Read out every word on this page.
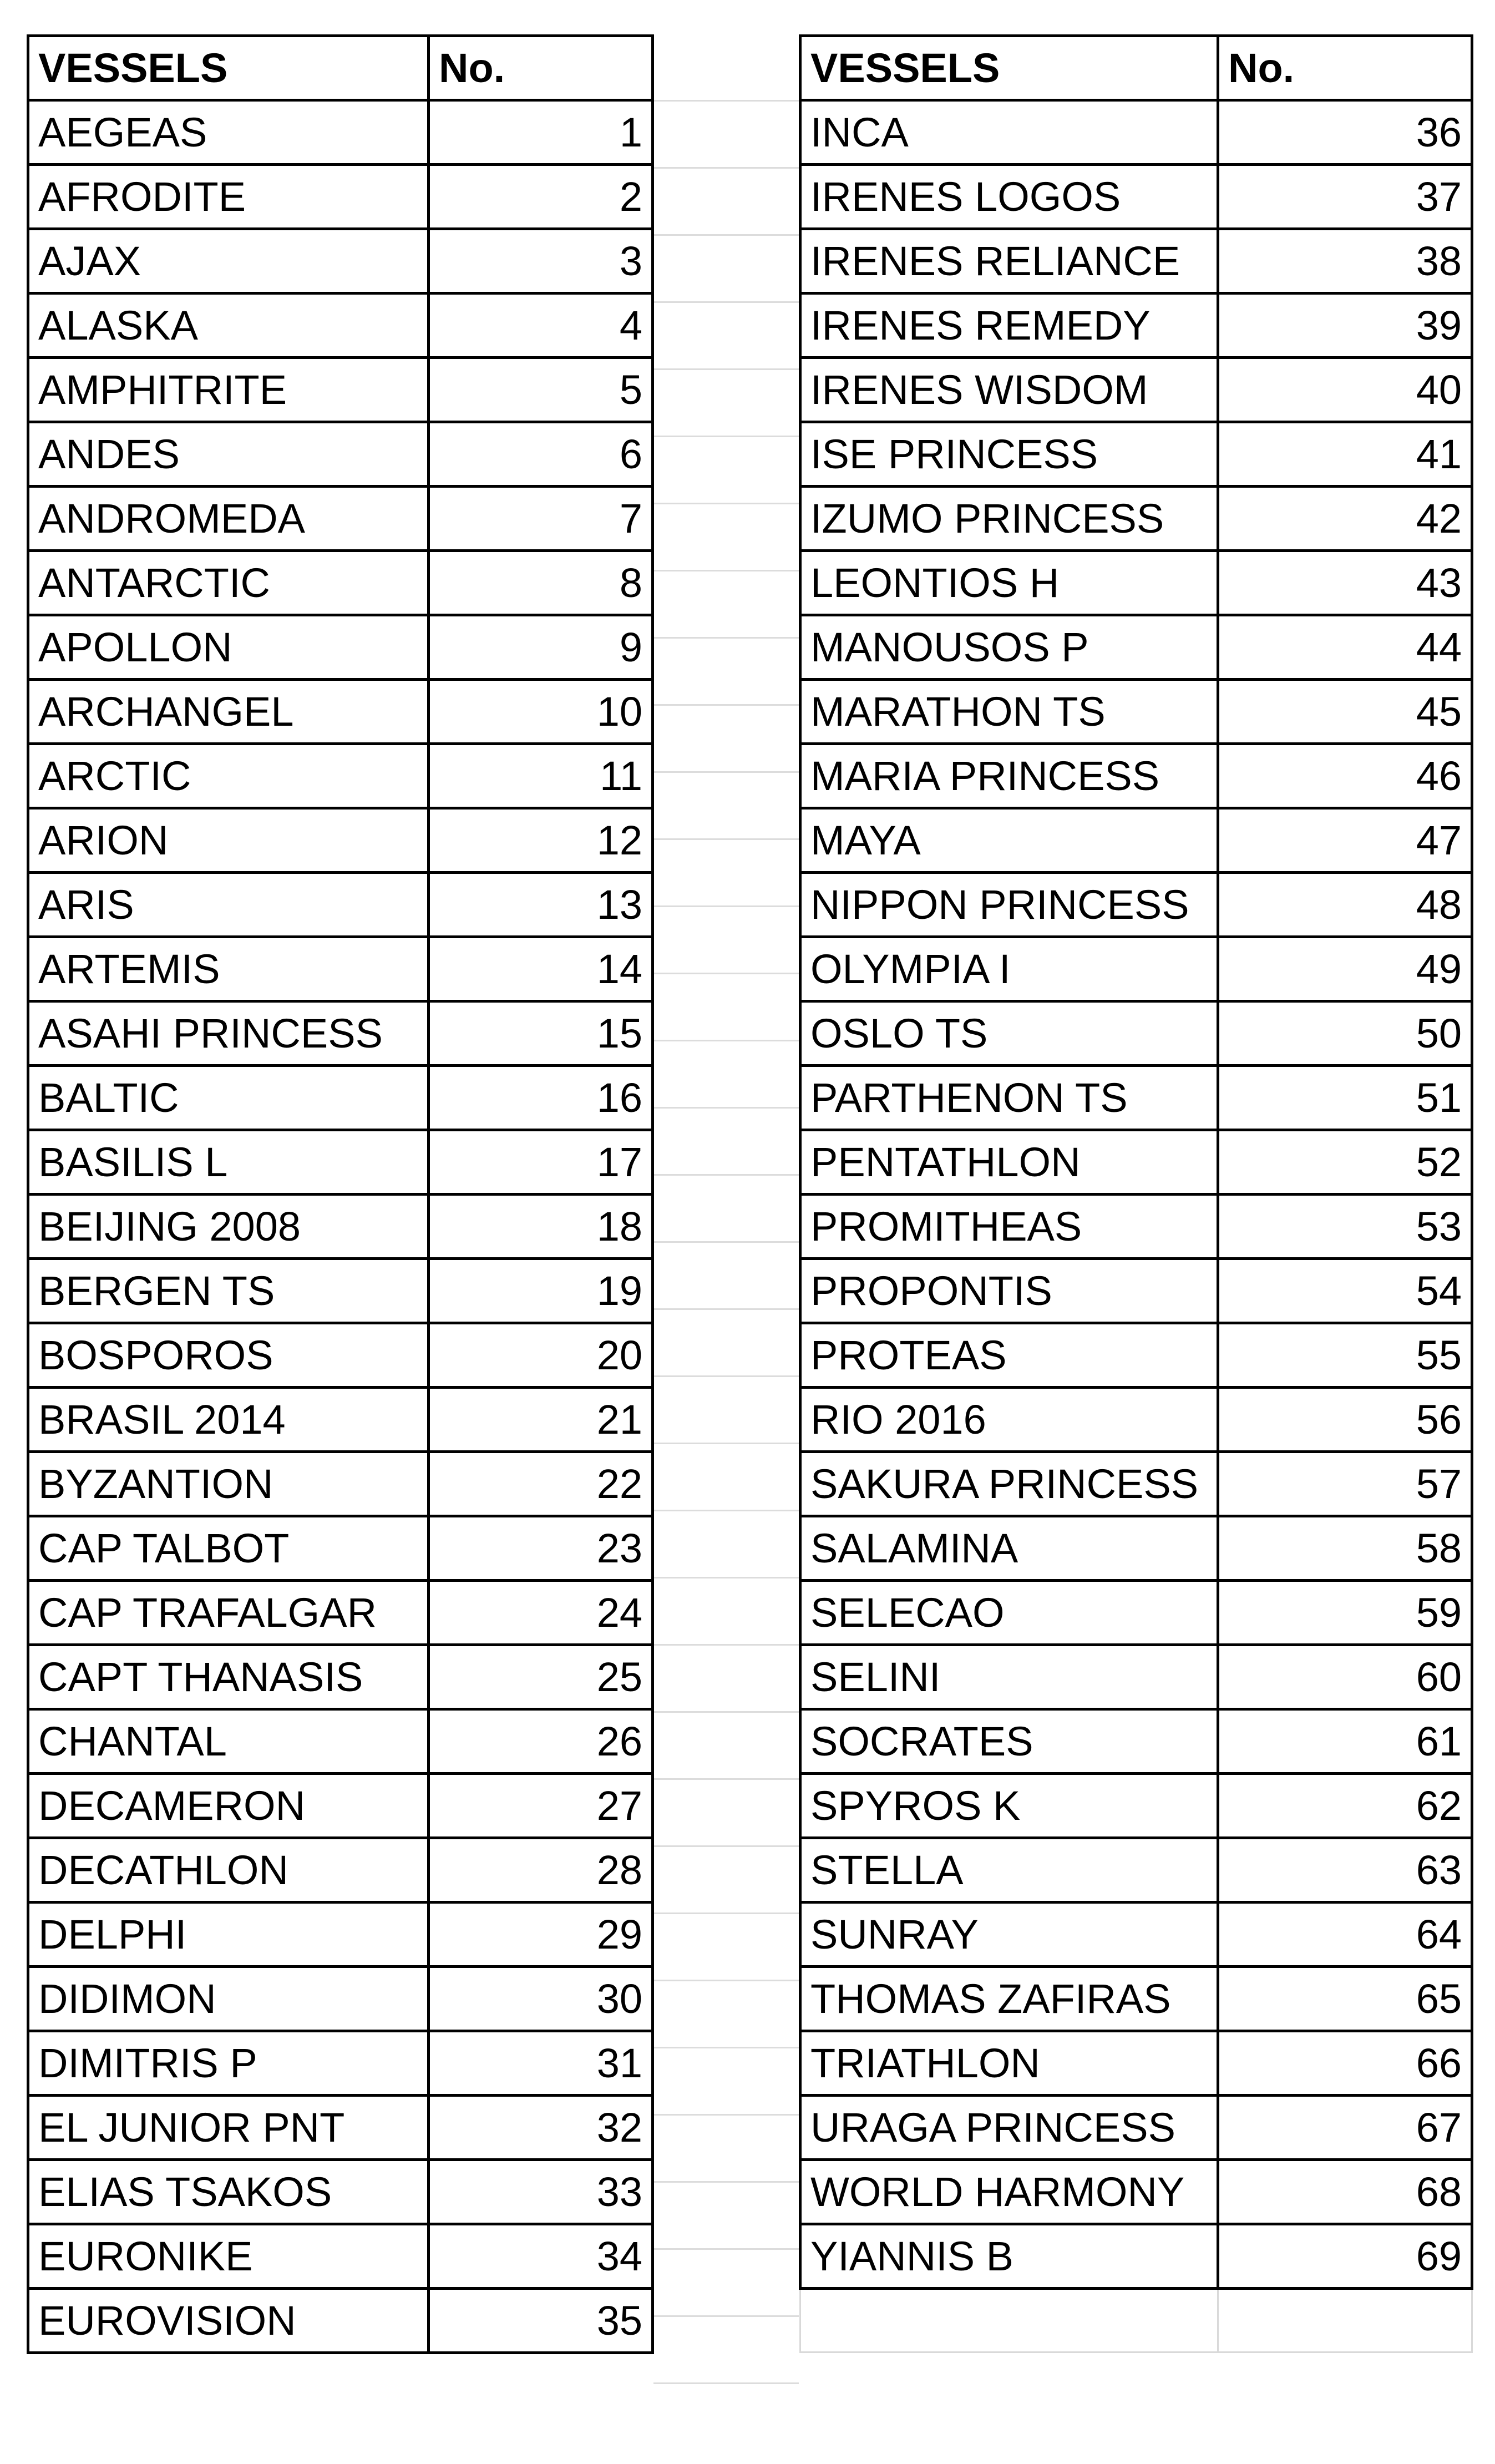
VESSELS	No.
AEGEAS	1
AFRODITE	2
AJAX	3
ALASKA	4
AMPHITRITE	5
ANDES	6
ANDROMEDA	7
ANTARCTIC	8
APOLLON	9
ARCHANGEL	10
ARCTIC	11
ARION	12
ARIS	13
ARTEMIS	14
ASAHI PRINCESS	15
BALTIC	16
BASILIS L	17
BEIJING 2008	18
BERGEN TS	19
BOSPOROS	20
BRASIL 2014	21
BYZANTION	22
CAP TALBOT	23
CAP TRAFALGAR	24
CAPT THANASIS	25
CHANTAL	26
DECAMERON	27
DECATHLON	28
DELPHI	29
DIDIMON	30
DIMITRIS P	31
EL JUNIOR PNT	32
ELIAS TSAKOS	33
EURONIKE	34
EUROVISION	35
VESSELS	No.
INCA	36
IRENES LOGOS	37
IRENES RELIANCE	38
IRENES REMEDY	39
IRENES WISDOM	40
ISE PRINCESS	41
IZUMO PRINCESS	42
LEONTIOS H	43
MANOUSOS P	44
MARATHON TS	45
MARIA PRINCESS	46
MAYA	47
NIPPON PRINCESS	48
OLYMPIA I	49
OSLO TS	50
PARTHENON TS	51
PENTATHLON	52
PROMITHEAS	53
PROPONTIS	54
PROTEAS	55
RIO 2016	56
SAKURA PRINCESS	57
SALAMINA	58
SELECAO	59
SELINI	60
SOCRATES	61
SPYROS K	62
STELLA	63
SUNRAY	64
THOMAS ZAFIRAS	65
TRIATHLON	66
URAGA PRINCESS	67
WORLD HARMONY	68
YIANNIS B	69
